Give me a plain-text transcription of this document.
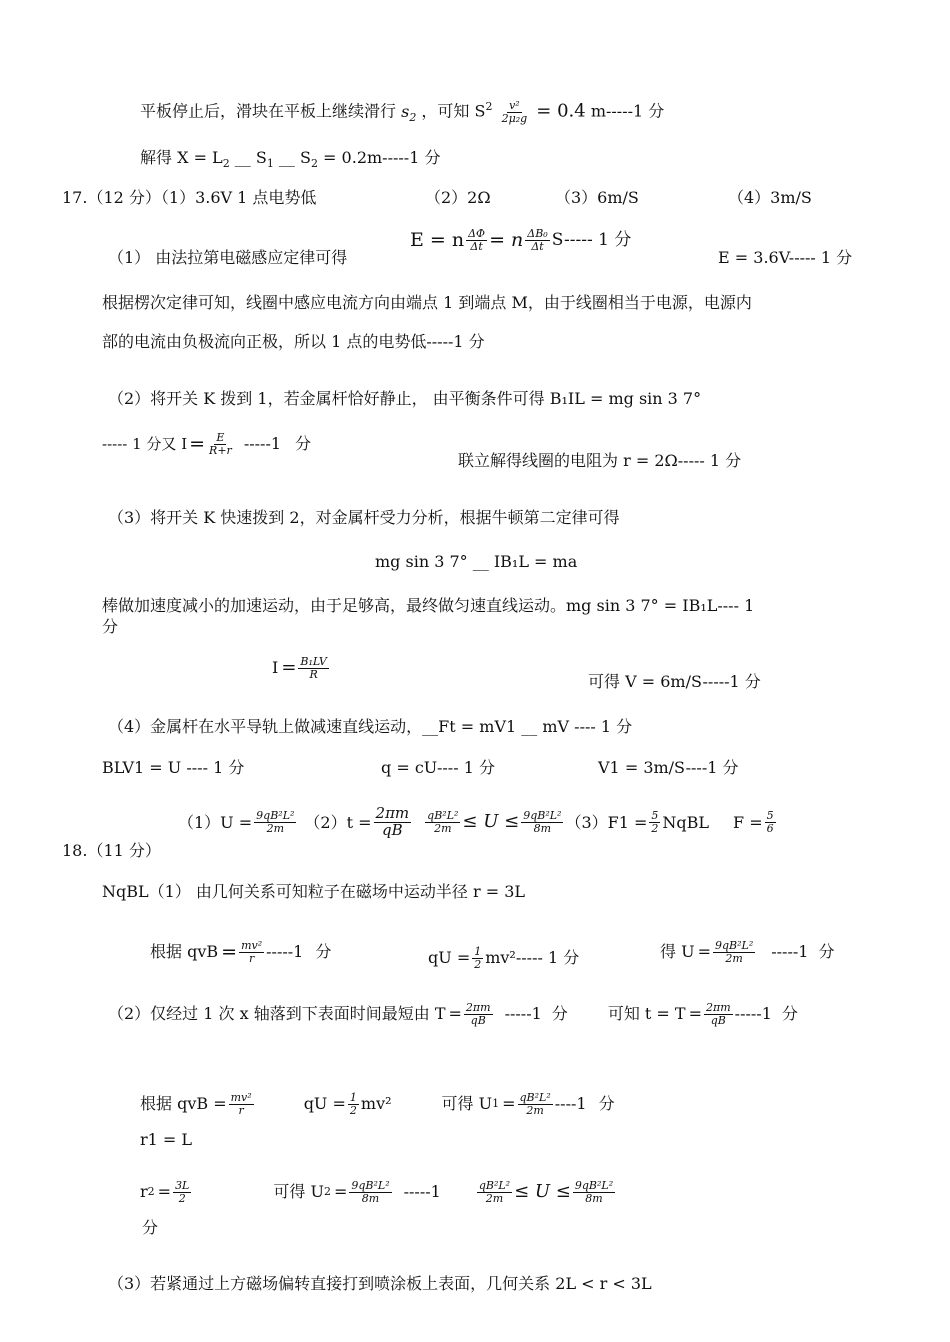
平板停止后，滑块在平板上继续滑行 $s_2$ ，可知 $S^2 \frac{\text{v²}}{\text{2μ₂g}} = 0.4$ m-----1 分
解得 $X = L_2$ __ $S_1$ __ $S_2 = 0.2m-----1$ 分
17.（12 分）（1）3.6V 1 点电势低	（2）2Ω	（3）6m/S	（4）3m/S
（1） 由法拉第电磁感应定律可得
E = n $\frac{\Delta\Phi}{\Delta t} = n \frac{\text{ΔB₀}}{\Delta t} S-----$ 1 分
E = 3.6V----- 1 分
根据楞次定律可知，线圈中感应电流方向由端点 1 到端点 M，由于线圈相当于电源，电源内
部的电流由负极流向正极，所以 1 点的电势低-----1 分
（2）将开关 K 拨到 1，若金属杆恰好静止， 由平衡条件可得 B₁IL = mg sin 3 7°
----- 1 分又 $I = \frac{E}{R+r} -----1$ 分
联立解得线圈的电阻为 r = 2Ω----- 1 分
（3）将开关 K 快速拨到 2，对金属杆受力分析，根据牛顿第二定律可得
mg sin 3 7° __ IB₁L = ma
棒做加速度减小的加速运动，由于足够高，最终做匀速直线运动。mg sin 3 7° = IB₁L---- 1
分
$I = \frac{\text{B₁LV}}{R}$
可得 V = 6m/S-----1 分
（4）金属杆在水平导轨上做减速直线运动，__Ft = mV1 __ mV ---- 1 分
BLV1 = U ---- 1 分	q = cU---- 1 分	V1 = 3m/S----1 分
18.（11 分）
$(1)U = \frac{\text{9qB²L²}}{2m} (2)t = \frac{2\pi m}{qB} \frac{\text{qB²L²}}{2m} \le U \le \frac{\text{9qB²L²}}{8m} (3)F1 = \frac{5}{2}$ NqBL $F = \frac{5}{6}$
NqBL（1） 由几何关系可知粒子在磁场中运动半径 r = 3L
根据 qvB = $\frac{\text{mv²}}{r} -----1$ 分	qU = $\frac{1}{2} mv^2-----$ 1 分	得 $U = \frac{\text{9qB²L²}}{2m} -----1$ 分
（2）仅经过 1 次 x 轴落到下表面时间最短由 $T = \frac{2\pi m}{qB} -----1$ 分	可知 $t = T = \frac{2\pi m}{qB} -----1$ 分
根据 qvB = $\frac{\text{mv²}}{r}$	qU = $\frac{1}{2} mv^2$	可得 U $1 = \frac{\text{qB²L²}}{2m} ----1$ 分
r1 = L
r $2 = \frac{3L}{2}$	可得 U $2 = \frac{\text{9qB²L²}}{8m} -----1$	$\frac{\text{qB²L²}}{2m} \le U \le \frac{\text{9qB²L²}}{8m}$
分
（3）若紧通过上方磁场偏转直接打到喷涂板上表面，几何关系 2L < r < 3L
